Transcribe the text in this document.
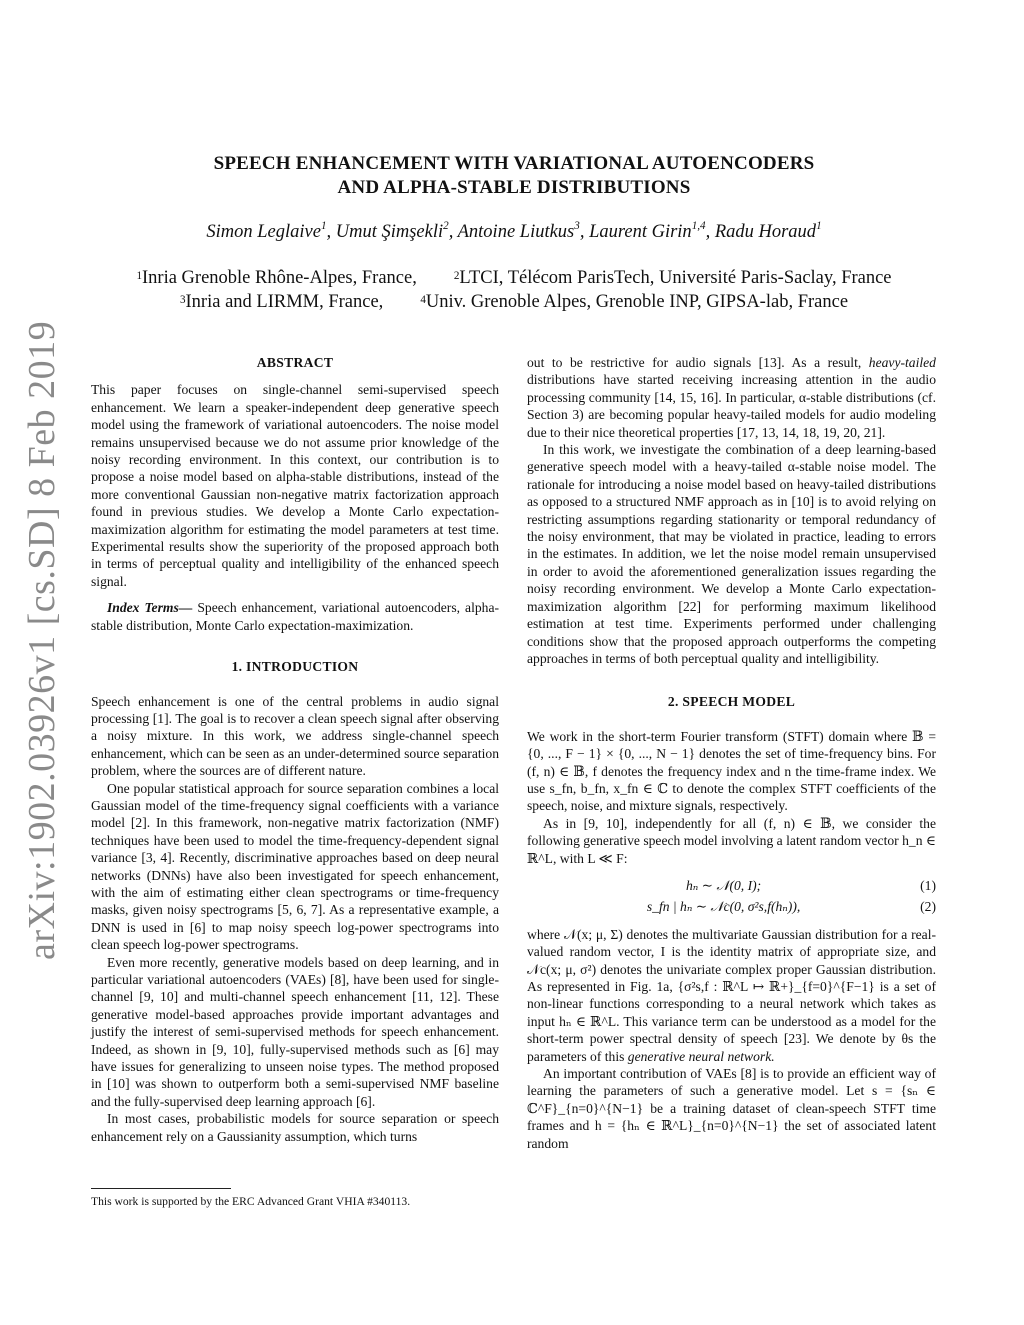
arXiv:1902.03926v1 [cs.SD] 8 Feb 2019
SPEECH ENHANCEMENT WITH VARIATIONAL AUTOENCODERS
AND ALPHA-STABLE DISTRIBUTIONS
Simon Leglaive$^1$, Umut Şimşekli$^2$, Antoine Liutkus$^3$, Laurent Girin$^{1,4}$, Radu Horaud$^1$
$^1$Inria Grenoble Rhône-Alpes, France,	$^2$LTCI, Télécom ParisTech, Université Paris-Saclay, France
$^3$Inria and LIRMM, France,	$^4$Univ. Grenoble Alpes, Grenoble INP, GIPSA-lab, France
ABSTRACT

This paper focuses on single-channel semi-supervised speech enhancement. We learn a speaker-independent deep generative speech model using the framework of variational autoencoders. The noise model remains unsupervised because we do not assume prior knowledge of the noisy recording environment. In this context, our contribution is to propose a noise model based on alpha-stable distributions, instead of the more conventional Gaussian non-negative matrix factorization approach found in previous studies. We develop a Monte Carlo expectation-maximization algorithm for estimating the model parameters at test time. Experimental results show the superiority of the proposed approach both in terms of perceptual quality and intelligibility of the enhanced speech signal.

Index Terms— Speech enhancement, variational autoencoders, alpha-stable distribution, Monte Carlo expectation-maximization.

1. INTRODUCTION

Speech enhancement is one of the central problems in audio signal processing [1]. The goal is to recover a clean speech signal after observing a noisy mixture. In this work, we address single-channel speech enhancement, which can be seen as an under-determined source separation problem, where the sources are of different nature.

One popular statistical approach for source separation combines a local Gaussian model of the time-frequency signal coefficients with a variance model [2]. In this framework, non-negative matrix factorization (NMF) techniques have been used to model the time-frequency-dependent signal variance [3, 4]. Recently, discriminative approaches based on deep neural networks (DNNs) have also been investigated for speech enhancement, with the aim of estimating either clean spectrograms or time-frequency masks, given noisy spectrograms [5, 6, 7]. As a representative example, a DNN is used in [6] to map noisy speech log-power spectrograms into clean speech log-power spectrograms.

Even more recently, generative models based on deep learning, and in particular variational autoencoders (VAEs) [8], have been used for single-channel [9, 10] and multi-channel speech enhancement [11, 12]. These generative model-based approaches provide important advantages and justify the interest of semi-supervised methods for speech enhancement. Indeed, as shown in [9, 10], fully-supervised methods such as [6] may have issues for generalizing to unseen noise types. The method proposed in [10] was shown to outperform both a semi-supervised NMF baseline and the fully-supervised deep learning approach [6].

In most cases, probabilistic models for source separation or speech enhancement rely on a Gaussianity assumption, which turns

This work is supported by the ERC Advanced Grant VHIA #340113.

out to be restrictive for audio signals [13]. As a result, heavy-tailed distributions have started receiving increasing attention in the audio processing community [14, 15, 16]. In particular, α-stable distributions (cf. Section 3) are becoming popular heavy-tailed models for audio modeling due to their nice theoretical properties [17, 13, 14, 18, 19, 20, 21].

In this work, we investigate the combination of a deep learning-based generative speech model with a heavy-tailed α-stable noise model. The rationale for introducing a noise model based on heavy-tailed distributions as opposed to a structured NMF approach as in [10] is to avoid relying on restricting assumptions regarding stationarity or temporal redundancy of the noisy environment, that may be violated in practice, leading to errors in the estimates. In addition, we let the noise model remain unsupervised in order to avoid the aforementioned generalization issues regarding the noisy recording environment. We develop a Monte Carlo expectation-maximization algorithm [22] for performing maximum likelihood estimation at test time. Experiments performed under challenging conditions show that the proposed approach outperforms the competing approaches in terms of both perceptual quality and intelligibility.

2. SPEECH MODEL

We work in the short-term Fourier transform (STFT) domain where 𝔹 = {0, ..., F − 1} × {0, ..., N − 1} denotes the set of time-frequency bins. For (f, n) ∈ 𝔹, f denotes the frequency index and n the time-frame index. We use s_fn, b_fn, x_fn ∈ ℂ to denote the complex STFT coefficients of the speech, noise, and mixture signals, respectively.

As in [9, 10], independently for all (f, n) ∈ 𝔹, we consider the following generative speech model involving a latent random vector h_n ∈ ℝ^L, with L ≪ F:

hₙ ∼ 𝒩(0, I);	(1)
s_fn | hₙ ∼ 𝒩c(0, σ²s,f(hₙ)),	(2)

where 𝒩(x; μ, Σ) denotes the multivariate Gaussian distribution for a real-valued random vector, I is the identity matrix of appropriate size, and 𝒩c(x; μ, σ²) denotes the univariate complex proper Gaussian distribution. As represented in Fig. 1a, {σ²s,f : ℝ^L ↦ ℝ+}_{f=0}^{F−1} is a set of non-linear functions corresponding to a neural network which takes as input hₙ ∈ ℝ^L. This variance term can be understood as a model for the short-term power spectral density of speech [23]. We denote by θs the parameters of this generative neural network.

An important contribution of VAEs [8] is to provide an efficient way of learning the parameters of such a generative model. Let s = {sₙ ∈ ℂ^F}_{n=0}^{N−1} be a training dataset of clean-speech STFT time frames and h = {hₙ ∈ ℝ^L}_{n=0}^{N−1} the set of associated latent random
